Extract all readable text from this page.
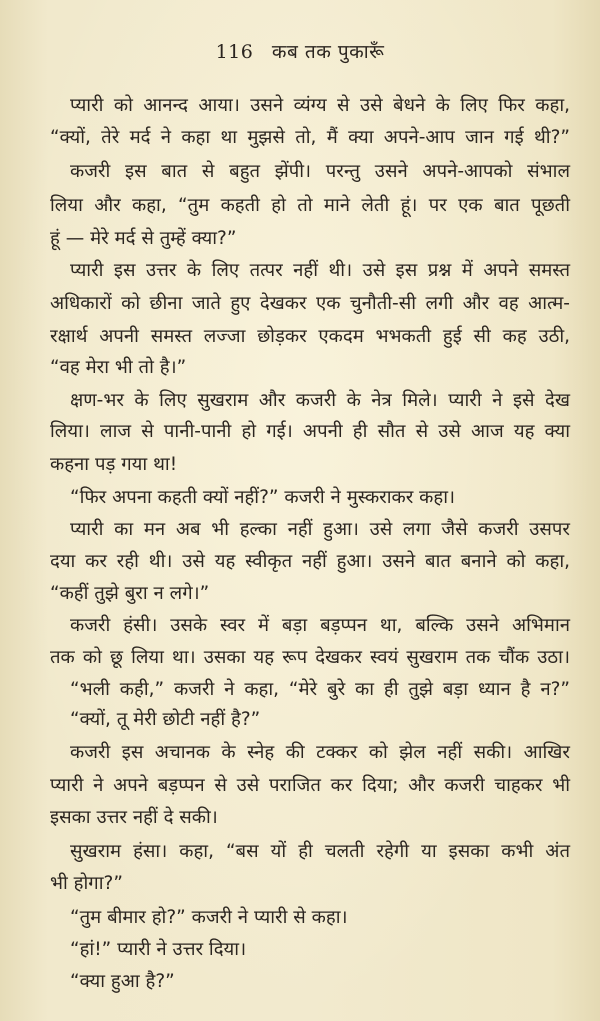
116 कब तक पुकारूँ
प्यारी को आनन्द आया। उसने व्यंग्य से उसे बेधने के लिए फिर कहा,
“क्यों, तेरे मर्द ने कहा था मुझसे तो, मैं क्या अपने-आप जान गई थी?”
कजरी इस बात से बहुत झेंपी। परन्तु उसने अपने-आपको संभाल
लिया और कहा, “तुम कहती हो तो माने लेती हूं। पर एक बात पूछती
हूं — मेरे मर्द से तुम्हें क्या?”
प्यारी इस उत्तर के लिए तत्पर नहीं थी। उसे इस प्रश्न में अपने समस्त
अधिकारों को छीना जाते हुए देखकर एक चुनौती-सी लगी और वह आत्म-
रक्षार्थ अपनी समस्त लज्जा छोड़कर एकदम भभकती हुई सी कह उठी,
“वह मेरा भी तो है।”
क्षण-भर के लिए सुखराम और कजरी के नेत्र मिले। प्यारी ने इसे देख
लिया। लाज से पानी-पानी हो गई। अपनी ही सौत से उसे आज यह क्या
कहना पड़ गया था!
“फिर अपना कहती क्यों नहीं?” कजरी ने मुस्कराकर कहा।
प्यारी का मन अब भी हल्का नहीं हुआ। उसे लगा जैसे कजरी उसपर
दया कर रही थी। उसे यह स्वीकृत नहीं हुआ। उसने बात बनाने को कहा,
“कहीं तुझे बुरा न लगे।”
कजरी हंसी। उसके स्वर में बड़ा बड़प्पन था, बल्कि उसने अभिमान
तक को छू लिया था। उसका यह रूप देखकर स्वयं सुखराम तक चौंक उठा।
“भली कही,” कजरी ने कहा, “मेरे बुरे का ही तुझे बड़ा ध्यान है न?”
“क्यों, तू मेरी छोटी नहीं है?”
कजरी इस अचानक के स्नेह की टक्कर को झेल नहीं सकी। आखिर
प्यारी ने अपने बड़प्पन से उसे पराजित कर दिया; और कजरी चाहकर भी
इसका उत्तर नहीं दे सकी।
सुखराम हंसा। कहा, “बस यों ही चलती रहेगी या इसका कभी अंत
भी होगा?”
“तुम बीमार हो?” कजरी ने प्यारी से कहा।
“हां!” प्यारी ने उत्तर दिया।
“क्या हुआ है?”
